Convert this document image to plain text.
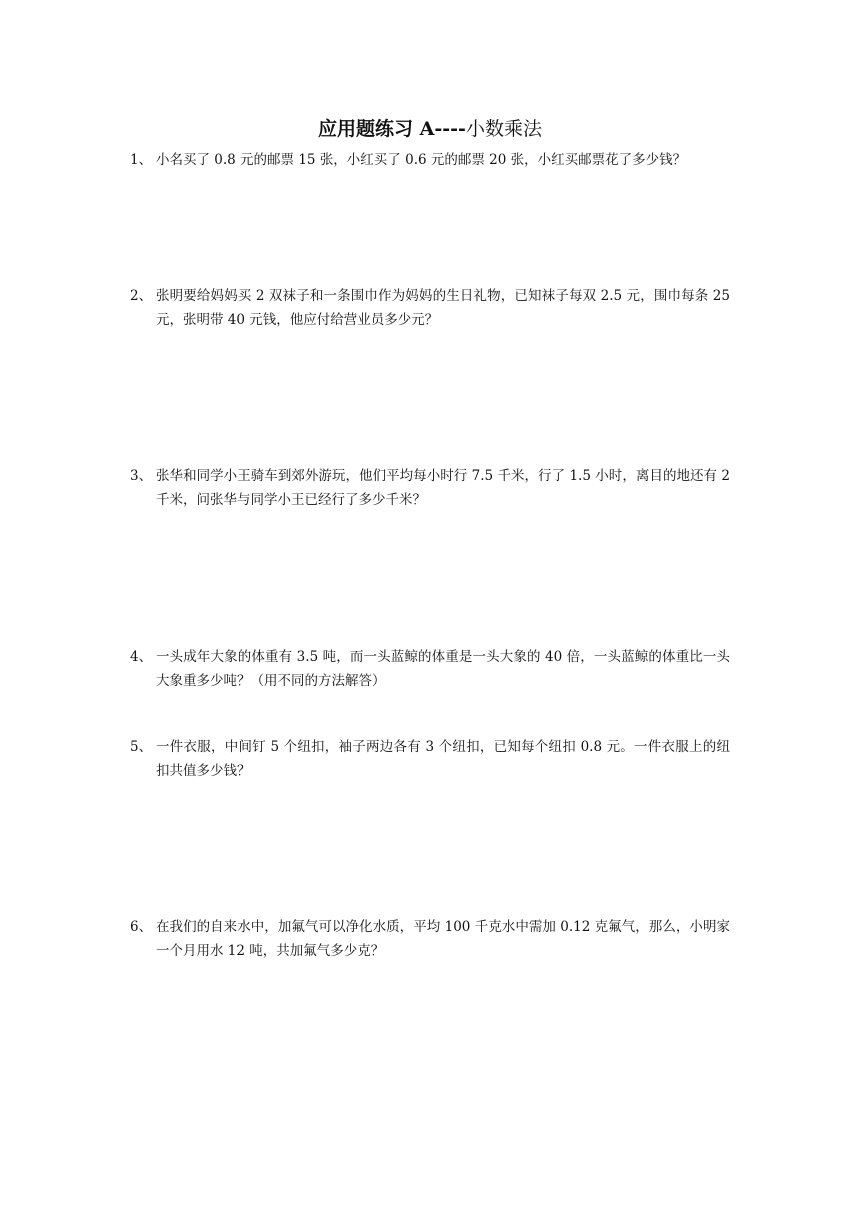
应用题练习 A----小数乘法
1、 小名买了 0.8 元的邮票 15 张，小红买了 0.6 元的邮票 20 张，小红买邮票花了多少钱？
2、 张明要给妈妈买 2 双袜子和一条围巾作为妈妈的生日礼物，已知袜子每双 2.5 元，围巾每条 25 元，张明带 40 元钱，他应付给营业员多少元？
3、 张华和同学小王骑车到郊外游玩，他们平均每小时行 7.5 千米，行了 1.5 小时，离目的地还有 2 千米，问张华与同学小王已经行了多少千米？
4、 一头成年大象的体重有 3.5 吨，而一头蓝鲸的体重是一头大象的 40 倍，一头蓝鲸的体重比一头大象重多少吨？（用不同的方法解答）
5、 一件衣服，中间钉 5 个纽扣，袖子两边各有 3 个纽扣，已知每个纽扣 0.8 元。一件衣服上的纽扣共值多少钱？
6、 在我们的自来水中，加氟气可以净化水质，平均 100 千克水中需加 0.12 克氟气，那么，小明家一个月用水 12 吨，共加氟气多少克？
